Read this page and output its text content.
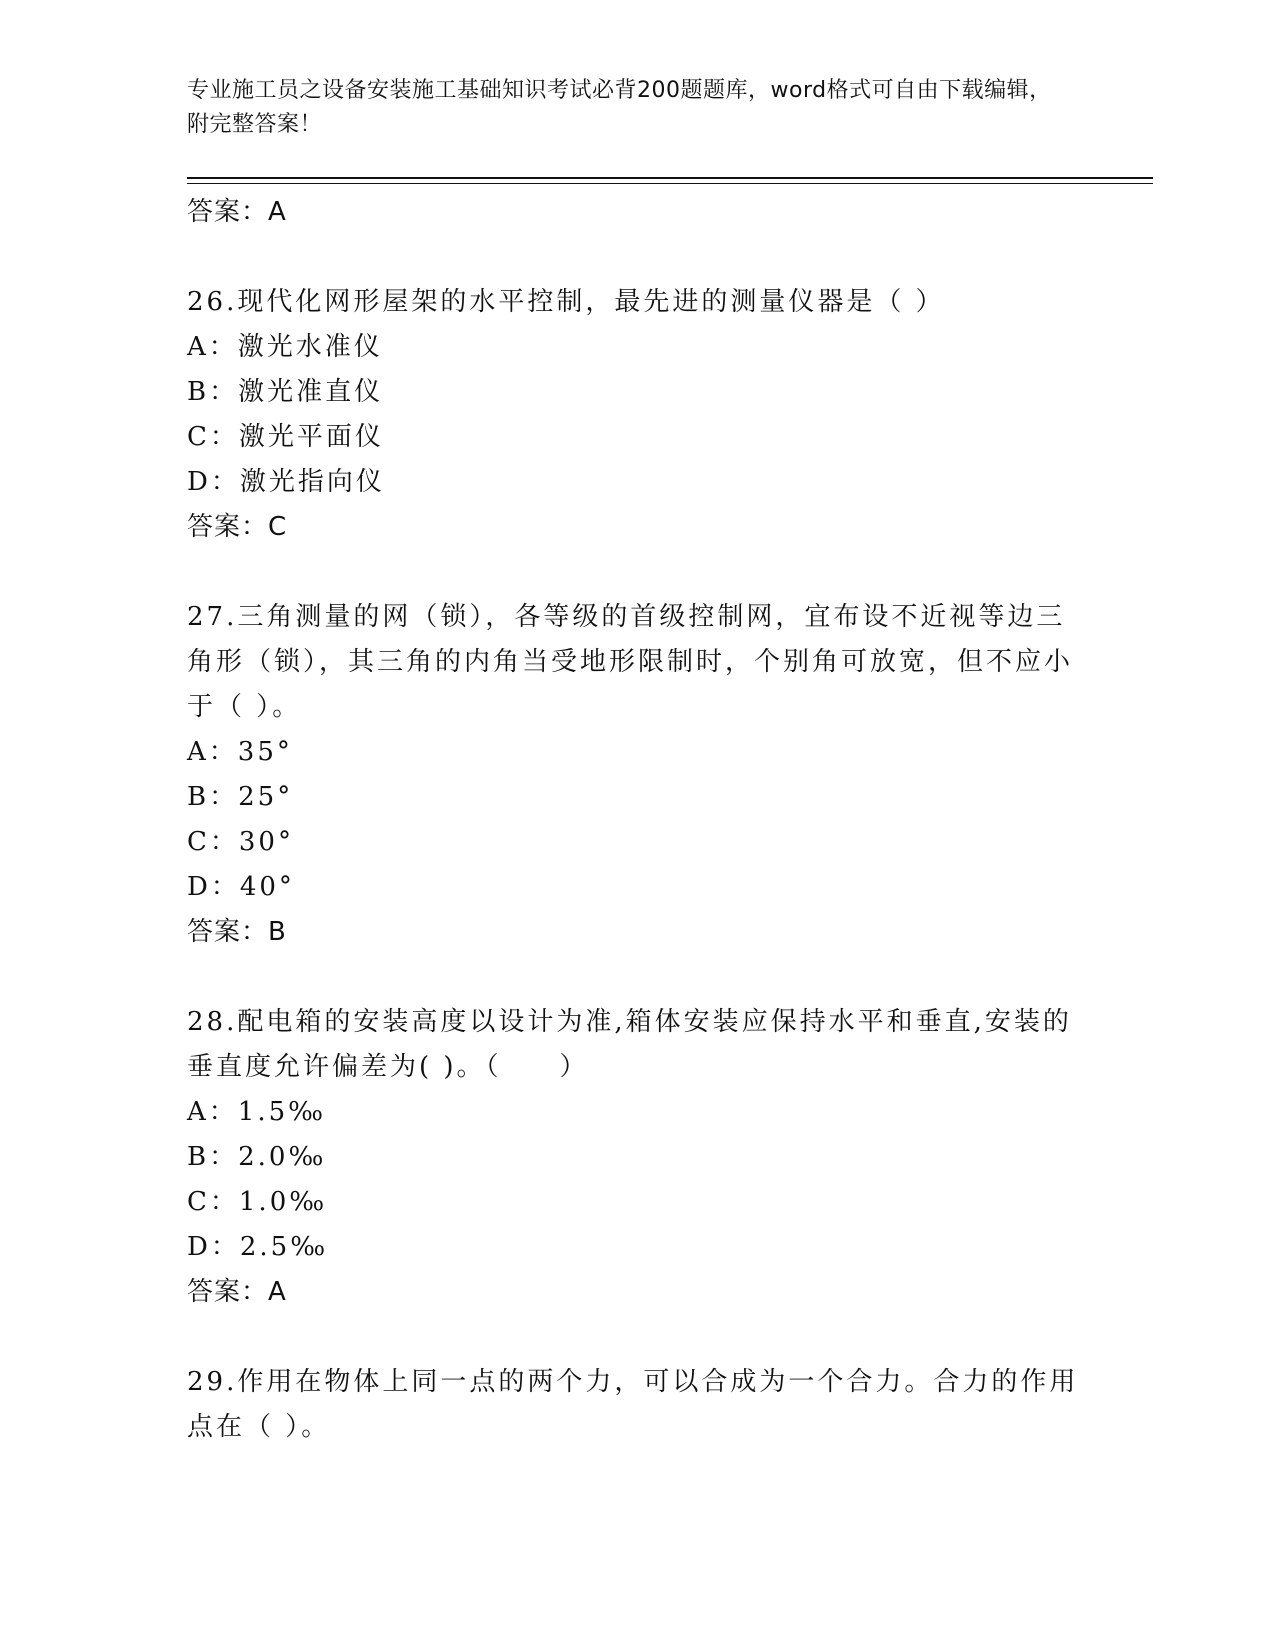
专业施工员之设备安装施工基础知识考试必背200题题库，word格式可自由下载编辑，附完整答案！

答案：A

26.现代化网形屋架的水平控制，最先进的测量仪器是（ ）

A：激光水准仪

B：激光准直仪

C：激光平面仪

D：激光指向仪

答案：C

27.三角测量的网（锁），各等级的首级控制网，宜布设不近视等边三角形（锁），其三角的内角当受地形限制时，个别角可放宽，但不应小于（ ）。

A：35°

B：25°

C：30°

D：40°

答案：B

28.配电箱的安装高度以设计为准,箱体安装应保持水平和垂直,安装的垂直度允许偏差为( )。（　　）

A：1.5‰

B：2.0‰

C：1.0‰

D：2.5‰

答案：A

29.作用在物体上同一点的两个力，可以合成为一个合力。合力的作用点在（ ）。
